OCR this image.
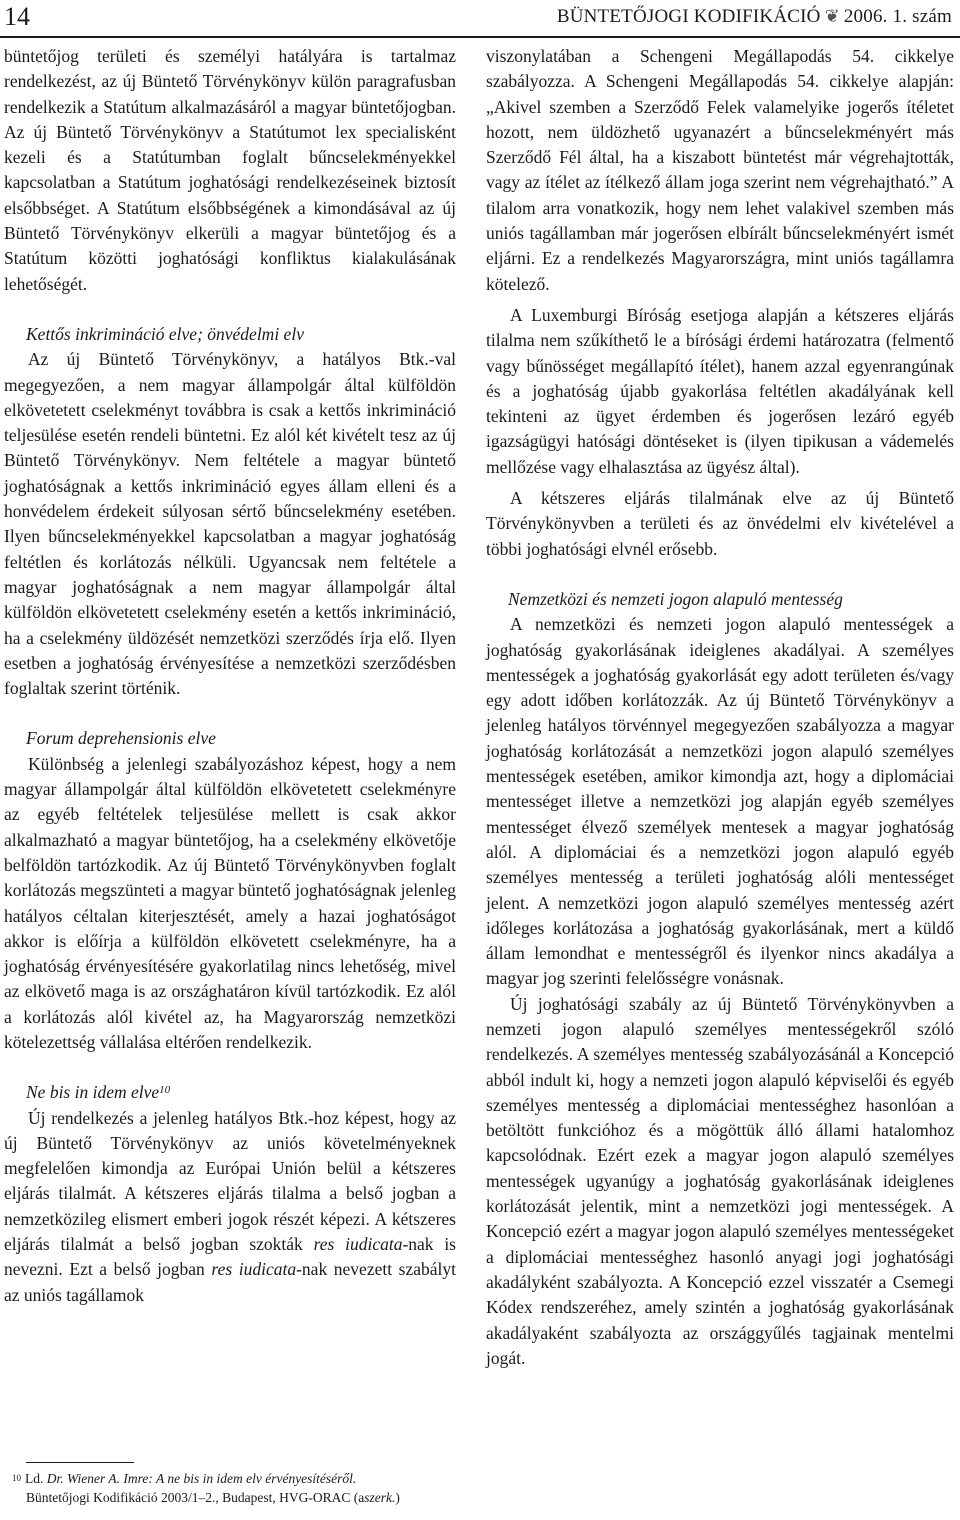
14	BÜNTETŐJOGI KODIFIKÁCIÓ ❦ 2006. 1. szám

büntetőjog területi és személyi hatályára is tartalmaz rendelkezést, az új Büntető Törvénykönyv külön paragrafusban rendelkezik a Statútum alkalmazásáról a magyar büntetőjogban. Az új Büntető Törvénykönyv a Statútumot lex specialisként kezeli és a Statútumban foglalt bűncselekményekkel kapcsolatban a Statútum joghatósági rendelkezéseinek biztosít elsőbbséget. A Statútum elsőbbségének a kimondásával az új Büntető Törvénykönyv elkerüli a magyar büntetőjog és a Statútum közötti joghatósági konfliktus kialakulásának lehetőségét.

Kettős inkrimináció elve; önvédelmi elv

Az új Büntető Törvénykönyv, a hatályos Btk.-val megegyezően, a nem magyar állampolgár által külföldön elkövetetett cselekményt továbbra is csak a kettős inkrimináció teljesülése esetén rendeli büntetni. Ez alól két kivételt tesz az új Büntető Törvénykönyv. Nem feltétele a magyar büntető joghatóságnak a kettős inkrimináció egyes állam elleni és a honvédelem érdekeit súlyosan sértő bűncselekmény esetében. Ilyen bűncselekményekkel kapcsolatban a magyar joghatóság feltétlen és korlátozás nélküli. Ugyancsak nem feltétele a magyar joghatóságnak a nem magyar állampolgár által külföldön elkövetetett cselekmény esetén a kettős inkrimináció, ha a cselekmény üldözését nemzetközi szerződés írja elő. Ilyen esetben a joghatóság érvényesítése a nemzetközi szerződésben foglaltak szerint történik.

Forum deprehensionis elve

Különbség a jelenlegi szabályozáshoz képest, hogy a nem magyar állampolgár által külföldön elkövetetett cselekményre az egyéb feltételek teljesülése mellett is csak akkor alkalmazható a magyar büntetőjog, ha a cselekmény elkövetője belföldön tartózkodik. Az új Büntető Törvénykönyvben foglalt korlátozás megszünteti a magyar büntető joghatóságnak jelenleg hatályos céltalan kiterjesztését, amely a hazai joghatóságot akkor is előírja a külföldön elkövetett cselekményre, ha a joghatóság érvényesítésére gyakorlatilag nincs lehetőség, mivel az elkövető maga is az országhatáron kívül tartózkodik. Ez alól a korlátozás alól kivétel az, ha Magyarország nemzetközi kötelezettség vállalása eltérően rendelkezik.

Ne bis in idem elve$^{10}$

Új rendelkezés a jelenleg hatályos Btk.-hoz képest, hogy az új Büntető Törvénykönyv az uniós követelményeknek megfelelően kimondja az Európai Unión belül a kétszeres eljárás tilalmát. A kétszeres eljárás tilalma a belső jogban a nemzetközileg elismert emberi jogok részét képezi. A kétszeres eljárás tilalmát a belső jogban szokták res iudicata-nak is nevezni. Ezt a belső jogban res iudicata-nak nevezett szabályt az uniós tagállamok

$^{10}$ Ld. Dr. Wiener A. Imre: A ne bis in idem elv érvényesítéséről.
Büntetőjogi Kodifikáció 2003/1–2., Budapest, HVG-ORAC (aszerk.)

viszonylatában a Schengeni Megállapodás 54. cikkelye szabályozza. A Schengeni Megállapodás 54. cikkelye alapján: „Akivel szemben a Szerződő Felek valamelyike jogerős ítéletet hozott, nem üldözhető ugyanazért a bűncselekményért más Szerződő Fél által, ha a kiszabott büntetést már végrehajtották, vagy az ítélet az ítélkező állam joga szerint nem végrehajtható.” A tilalom arra vonatkozik, hogy nem lehet valakivel szemben más uniós tagállamban már jogerősen elbírált bűncselekményért ismét eljárni. Ez a rendelkezés Magyarországra, mint uniós tagállamra kötelező.

A Luxemburgi Bíróság esetjoga alapján a kétszeres eljárás tilalma nem szűkíthető le a bírósági érdemi határozatra (felmentő vagy bűnösséget megállapító ítélet), hanem azzal egyenrangúnak és a joghatóság újabb gyakorlása feltétlen akadályának kell tekinteni az ügyet érdemben és jogerősen lezáró egyéb igazságügyi hatósági döntéseket is (ilyen tipikusan a vádemelés mellőzése vagy elhalasztása az ügyész által).

A kétszeres eljárás tilalmának elve az új Büntető Törvénykönyvben a területi és az önvédelmi elv kivételével a többi joghatósági elvnél erősebb.

Nemzetközi és nemzeti jogon alapuló mentesség

A nemzetközi és nemzeti jogon alapuló mentességek a joghatóság gyakorlásának ideiglenes akadályai. A személyes mentességek a joghatóság gyakorlását egy adott területen és/vagy egy adott időben korlátozzák. Az új Büntető Törvénykönyv a jelenleg hatályos törvénnyel megegyezően szabályozza a magyar joghatóság korlátozását a nemzetközi jogon alapuló személyes mentességek esetében, amikor kimondja azt, hogy a diplomáciai mentességet illetve a nemzetközi jog alapján egyéb személyes mentességet élvező személyek mentesek a magyar joghatóság alól. A diplomáciai és a nemzetközi jogon alapuló egyéb személyes mentesség a területi joghatóság alóli mentességet jelent. A nemzetközi jogon alapuló személyes mentesség azért időleges korlátozása a joghatóság gyakorlásának, mert a küldő állam lemondhat e mentességről és ilyenkor nincs akadálya a magyar jog szerinti felelősségre vonásnak.

Új joghatósági szabály az új Büntető Törvénykönyvben a nemzeti jogon alapuló személyes mentességekről szóló rendelkezés. A személyes mentesség szabályozásánál a Koncepció abból indult ki, hogy a nemzeti jogon alapuló képviselői és egyéb személyes mentesség a diplomáciai mentességhez hasonlóan a betöltött funkcióhoz és a mögöttük álló állami hatalomhoz kapcsolódnak. Ezért ezek a magyar jogon alapuló személyes mentességek ugyanúgy a joghatóság gyakorlásának ideiglenes korlátozását jelentik, mint a nemzetközi jogi mentességek. A Koncepció ezért a magyar jogon alapuló személyes mentességeket a diplomáciai mentességhez hasonló anyagi jogi joghatósági akadályként szabályozta. A Koncepció ezzel visszatér a Csemegi Kódex rendszeréhez, amely szintén a joghatóság gyakorlásának akadályaként szabályozta az országgyűlés tagjainak mentelmi jogát.
